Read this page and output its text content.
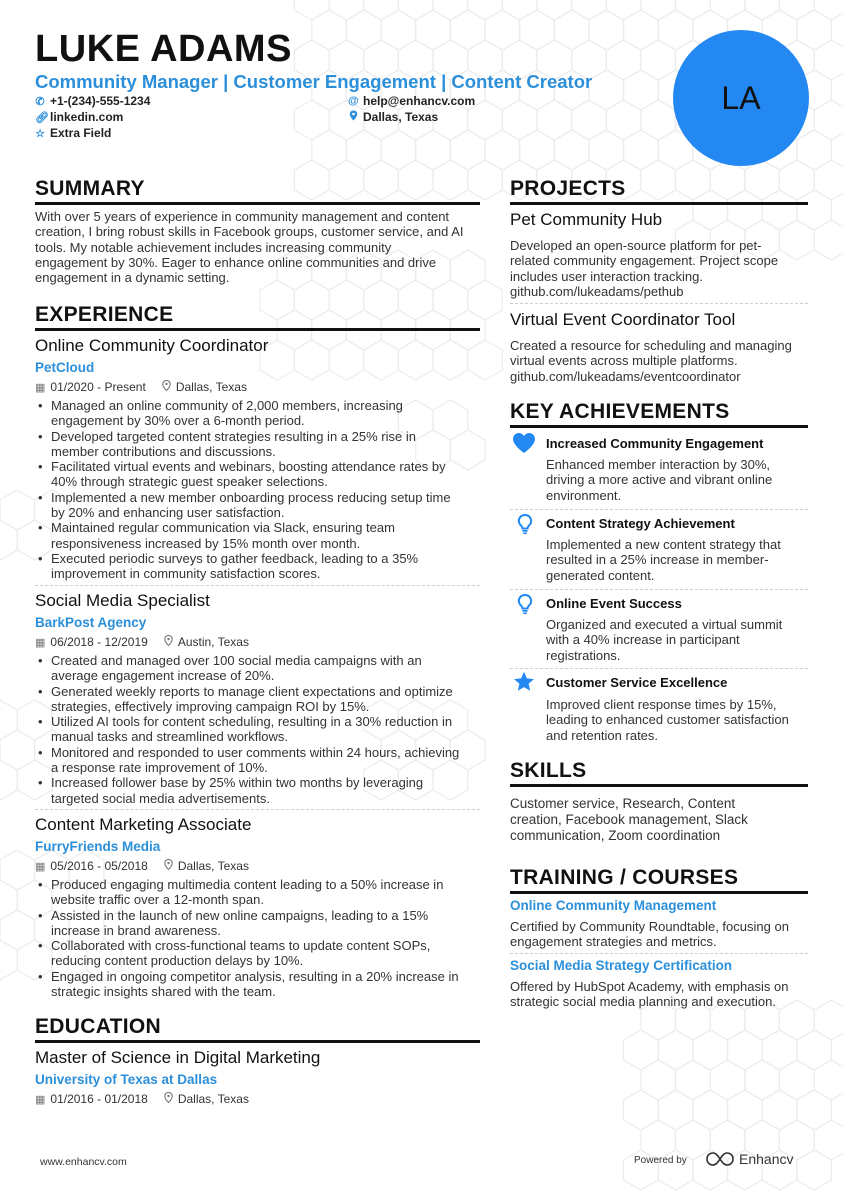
LUKE ADAMS
Community Manager | Customer Engagement | Content Creator
✆ +1-(234)-555-1234	@ help@enhancv.com
🔗︎ linkedin.com	Dallas, Texas
☆ Extra Field
LA
SUMMARY
With over 5 years of experience in community management and content
creation, I bring robust skills in Facebook groups, customer service, and AI
tools. My notable achievement includes increasing community
engagement by 30%. Eager to enhance online communities and drive
engagement in a dynamic setting.
EXPERIENCE
Online Community Coordinator
PetCloud
▦ 01/2020 - Present	Dallas, Texas
• Managed an online community of 2,000 members, increasing
engagement by 30% over a 6-month period.
• Developed targeted content strategies resulting in a 25% rise in
member contributions and discussions.
• Facilitated virtual events and webinars, boosting attendance rates by
40% through strategic guest speaker selections.
• Implemented a new member onboarding process reducing setup time
by 20% and enhancing user satisfaction.
• Maintained regular communication via Slack, ensuring team
responsiveness increased by 15% month over month.
• Executed periodic surveys to gather feedback, leading to a 35%
improvement in community satisfaction scores.
Social Media Specialist
BarkPost Agency
▦ 06/2018 - 12/2019	Austin, Texas
• Created and managed over 100 social media campaigns with an
average engagement increase of 20%.
• Generated weekly reports to manage client expectations and optimize
strategies, effectively improving campaign ROI by 15%.
• Utilized AI tools for content scheduling, resulting in a 30% reduction in
manual tasks and streamlined workflows.
• Monitored and responded to user comments within 24 hours, achieving
a response rate improvement of 10%.
• Increased follower base by 25% within two months by leveraging
targeted social media advertisements.
Content Marketing Associate
FurryFriends Media
▦ 05/2016 - 05/2018	Dallas, Texas
• Produced engaging multimedia content leading to a 50% increase in
website traffic over a 12-month span.
• Assisted in the launch of new online campaigns, leading to a 15%
increase in brand awareness.
• Collaborated with cross-functional teams to update content SOPs,
reducing content production delays by 10%.
• Engaged in ongoing competitor analysis, resulting in a 20% increase in
strategic insights shared with the team.
EDUCATION
Master of Science in Digital Marketing
University of Texas at Dallas
▦ 01/2016 - 01/2018	Dallas, Texas
PROJECTS
Pet Community Hub
Developed an open-source platform for pet-
related community engagement. Project scope
includes user interaction tracking.
github.com/lukeadams/pethub
Virtual Event Coordinator Tool
Created a resource for scheduling and managing
virtual events across multiple platforms.
github.com/lukeadams/eventcoordinator
KEY ACHIEVEMENTS
Increased Community Engagement
Enhanced member interaction by 30%,
driving a more active and vibrant online
environment.
Content Strategy Achievement
Implemented a new content strategy that
resulted in a 25% increase in member-
generated content.
Online Event Success
Organized and executed a virtual summit
with a 40% increase in participant
registrations.
Customer Service Excellence
Improved client response times by 15%,
leading to enhanced customer satisfaction
and retention rates.
SKILLS
Customer service, Research, Content
creation, Facebook management, Slack
communication, Zoom coordination
TRAINING / COURSES
Online Community Management
Certified by Community Roundtable, focusing on
engagement strategies and metrics.
Social Media Strategy Certification
Offered by HubSpot Academy, with emphasis on
strategic social media planning and execution.
www.enhancv.com	Powered by	Enhancv
